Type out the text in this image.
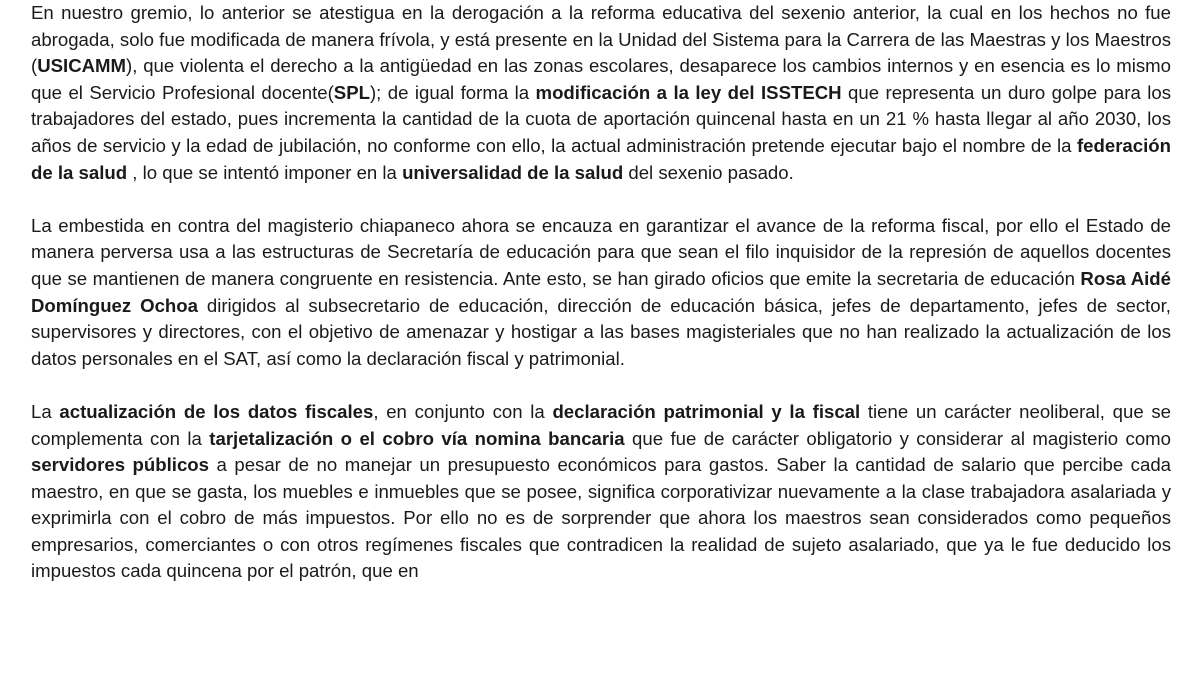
En nuestro gremio, lo anterior se atestigua en la derogación a la reforma educativa del sexenio anterior, la cual en los hechos no fue abrogada, solo fue modificada de manera frívola, y está presente en la Unidad del Sistema para la Carrera de las Maestras y los Maestros (USICAMM), que violenta el derecho a la antigüedad en las zonas escolares, desaparece los cambios internos y en esencia es lo mismo que el Servicio Profesional docente(SPL); de igual forma la modificación a la ley del ISSTECH que representa un duro golpe para los trabajadores del estado, pues incrementa la cantidad de la cuota de aportación quincenal hasta en un 21 % hasta llegar al año 2030, los años de servicio y la edad de jubilación, no conforme con ello, la actual administración pretende ejecutar bajo el nombre de la federación de la salud , lo que se intentó imponer en la universalidad de la salud del sexenio pasado.

La embestida en contra del magisterio chiapaneco ahora se encauza en garantizar el avance de la reforma fiscal, por ello el Estado de manera perversa usa a las estructuras de Secretaría de educación para que sean el filo inquisidor de la represión de aquellos docentes que se mantienen de manera congruente en resistencia. Ante esto, se han girado oficios que emite la secretaria de educación Rosa Aidé Domínguez Ochoa dirigidos al subsecretario de educación, dirección de educación básica, jefes de departamento, jefes de sector, supervisores y directores, con el objetivo de amenazar y hostigar a las bases magisteriales que no han realizado la actualización de los datos personales en el SAT, así como la declaración fiscal y patrimonial.

La actualización de los datos fiscales, en conjunto con la declaración patrimonial y la fiscal tiene un carácter neoliberal, que se complementa con la tarjetalización o el cobro vía nomina bancaria que fue de carácter obligatorio y considerar al magisterio como servidores públicos a pesar de no manejar un presupuesto económicos para gastos. Saber la cantidad de salario que percibe cada maestro, en que se gasta, los muebles e inmuebles que se posee, significa corporativizar nuevamente a la clase trabajadora asalariada y exprimirla con el cobro de más impuestos. Por ello no es de sorprender que ahora los maestros sean considerados como pequeños empresarios, comerciantes o con otros regímenes fiscales que contradicen la realidad de sujeto asalariado, que ya le fue deducido los impuestos cada quincena por el patrón, que en
